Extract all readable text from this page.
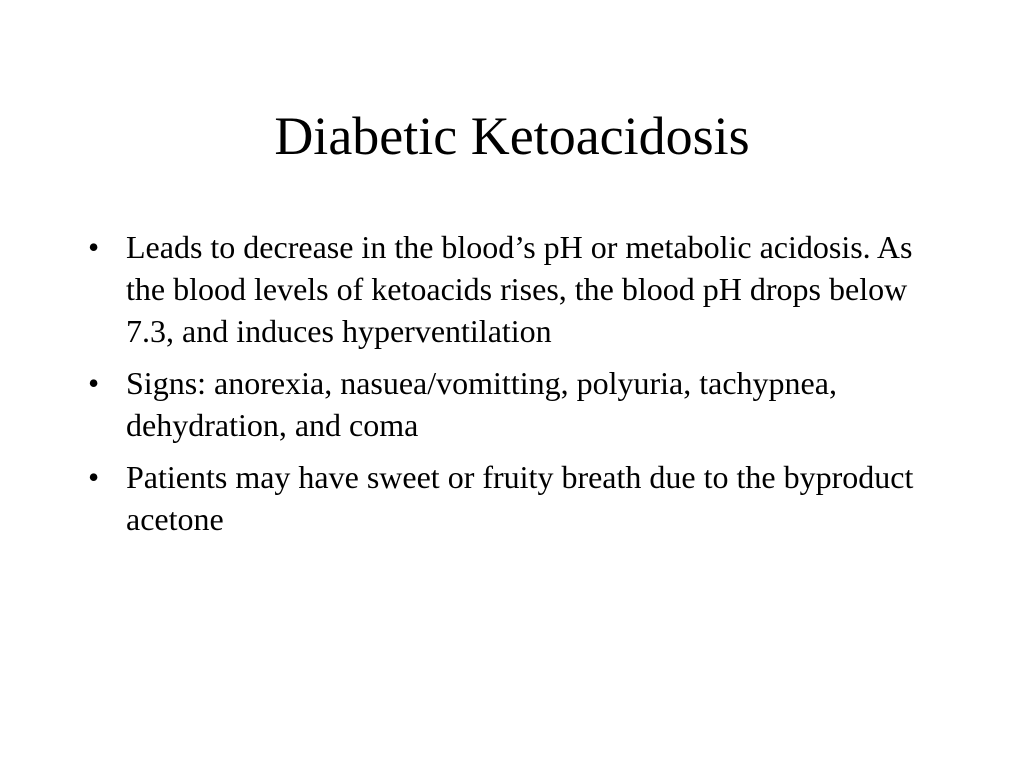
Diabetic Ketoacidosis
• Leads to decrease in the blood’s pH or metabolic acidosis. As the blood levels of ketoacids rises, the blood pH drops below 7.3, and induces hyperventilation
• Signs: anorexia, nasuea/vomitting, polyuria, tachypnea, dehydration, and coma
• Patients may have sweet or fruity breath due to the byproduct acetone
